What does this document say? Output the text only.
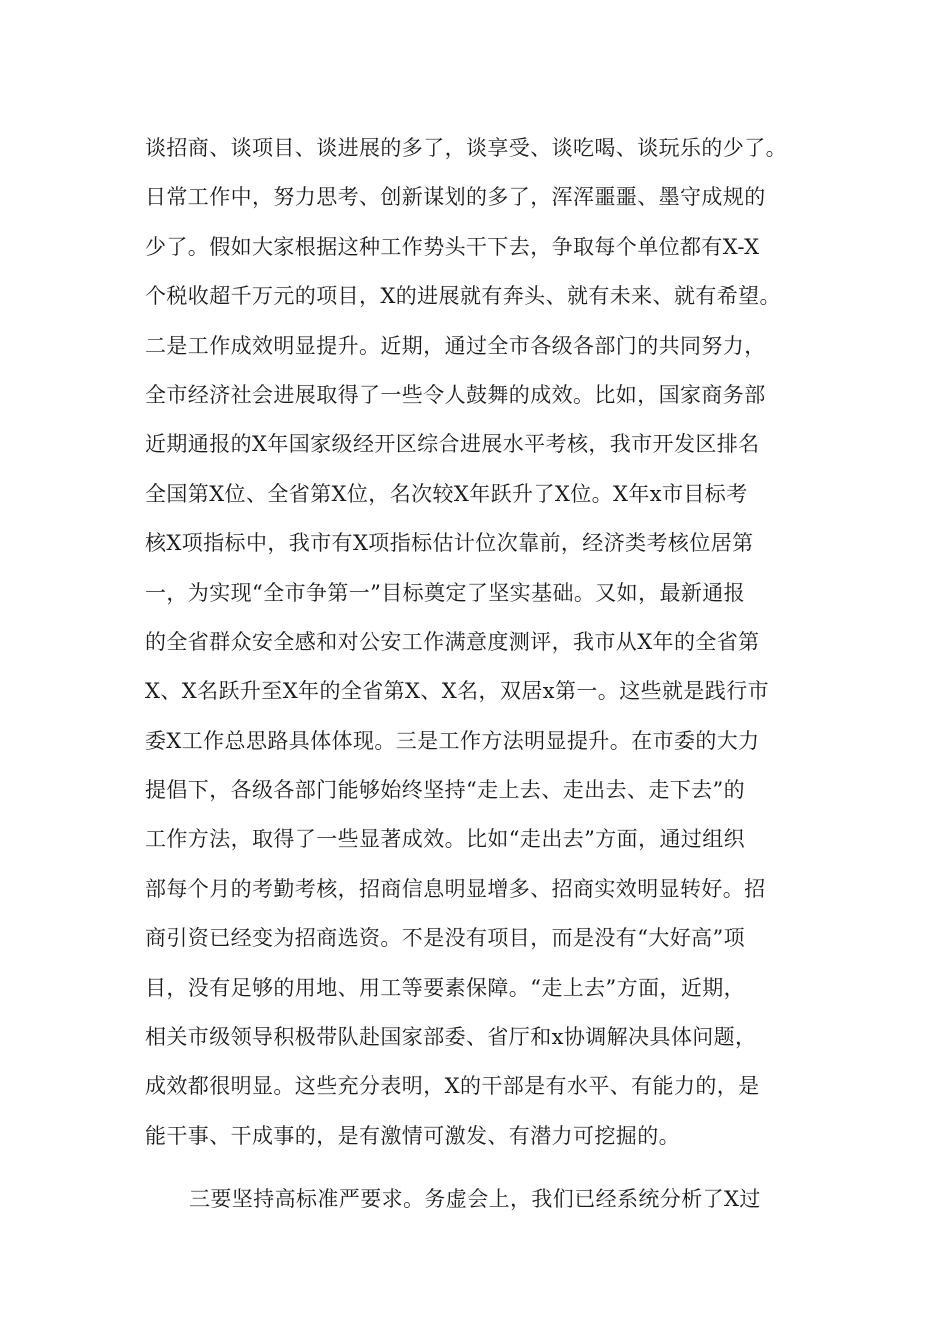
谈招商、谈项目、谈进展的多了，谈享受、谈吃喝、谈玩乐的少了。
日常工作中，努力思考、创新谋划的多了，浑浑噩噩、墨守成规的
少了。假如大家根据这种工作势头干下去，争取每个单位都有X-X
个税收超千万元的项目，X的进展就有奔头、就有未来、就有希望。
二是工作成效明显提升。近期，通过全市各级各部门的共同努力，
全市经济社会进展取得了一些令人鼓舞的成效。比如，国家商务部
近期通报的X年国家级经开区综合进展水平考核，我市开发区排名
全国第X位、全省第X位，名次较X年跃升了X位。X年x市目标考
核X项指标中，我市有X项指标估计位次靠前，经济类考核位居第
一，为实现“全市争第一”目标奠定了坚实基础。又如，最新通报
的全省群众安全感和对公安工作满意度测评，我市从X年的全省第
X、X名跃升至X年的全省第X、X名，双居x第一。这些就是践行市
委X工作总思路具体体现。三是工作方法明显提升。在市委的大力
提倡下，各级各部门能够始终坚持“走上去、走出去、走下去”的
工作方法，取得了一些显著成效。比如“走出去”方面，通过组织
部每个月的考勤考核，招商信息明显增多、招商实效明显转好。招
商引资已经变为招商选资。不是没有项目，而是没有“大好高”项
目，没有足够的用地、用工等要素保障。“走上去”方面，近期，
相关市级领导积极带队赴国家部委、省厅和x协调解决具体问题，
成效都很明显。这些充分表明，X的干部是有水平、有能力的，是
能干事、干成事的，是有激情可激发、有潜力可挖掘的。
三要坚持高标准严要求。务虚会上，我们已经系统分析了X过
